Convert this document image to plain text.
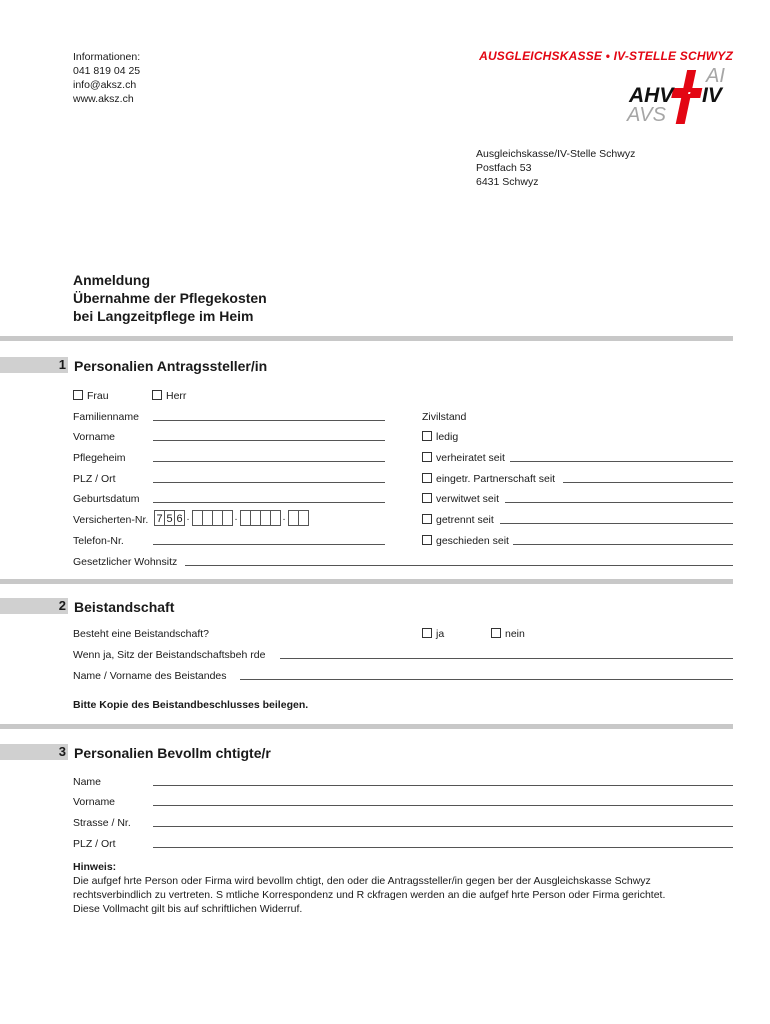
Informationen:
041 819 04 25
info@aksz.ch
www.aksz.ch
AUSGLEICHSKASSE • IV-STELLE SCHWYZ
AHV IV
AVS
AI
Ausgleichskasse/IV-Stelle Schwyz
Postfach 53
6431 Schwyz
Anmeldung
Übernahme der Pflegekosten
bei Langzeitpflege im Heim
1 Personalien Antragssteller/in
Frau	Herr
Familienname
Vorname
Pflegeheim
PLZ / Ort
Geburtsdatum
Versicherten-Nr. 7 5 6 .	.	.
Telefon-Nr.
Zivilstand
ledig
verheiratet seit
eingetr. Partnerschaft seit
verwitwet seit
getrennt seit
geschieden seit
Gesetzlicher Wohnsitz
2 Beistandschaft
Besteht eine Beistandschaft?	ja	nein
Wenn ja, Sitz der Beistandschaftsbeh rde
Name / Vorname des Beistandes
Bitte Kopie des Beistandbeschlusses beilegen.
3 Personalien Bevollm chtigte/r
Name
Vorname
Strasse / Nr.
PLZ / Ort
Hinweis:
Die aufgef hrte Person oder Firma wird bevollm chtigt, den oder die Antragssteller/in gegen ber der Ausgleichskasse Schwyz
rechtsverbindlich zu vertreten. S mtliche Korrespondenz und R ckfragen werden an die aufgef hrte Person oder Firma gerichtet.
Diese Vollmacht gilt bis auf schriftlichen Widerruf.
